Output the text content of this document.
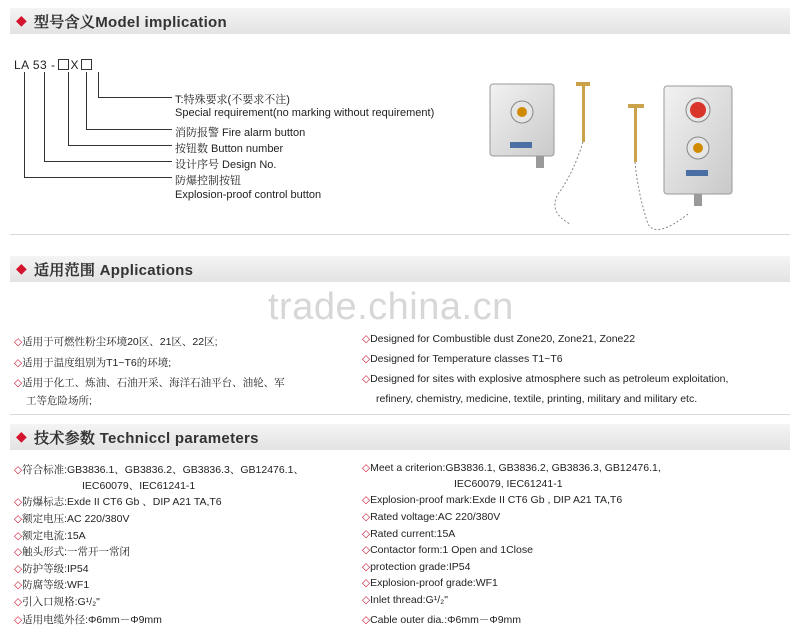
◆ 型号含义Model implication
LA 53 - X
T:特殊要求(不要求不注)
Special requirement(no marking without requirement)
消防报警 Fire alarm button
按钮数 Button number
设计序号 Design No.
防爆控制按钮
Explosion-proof control button
◆ 适用范围 Applications
trade.china.cn
◇适用于可燃性粉尘环境20区、21区、22区;
◇适用于温度组别为T1~T6的环境;
◇适用于化工、炼油、石油开采、海洋石油平台、油轮、军
工等危险场所;
◇Designed for Combustible dust Zone20, Zone21, Zone22
◇Designed for Temperature classes T1~T6
◇Designed for sites with explosive atmosphere such as petroleum exploitation,
refinery, chemistry, medicine, textile, printing, military and military etc.
◆ 技术参数 Techniccl parameters
◇符合标准:GB3836.1、GB3836.2、GB3836.3、GB12476.1、
IEC60079、IEC61241-1
◇防爆标志:Exde II CT6 Gb 、DIP A21 TA,T6
◇额定电压:AC 220/380V
◇额定电流:15A
◇触头形式:一常开一常闭
◇防护等级:IP54
◇防腐等级:WF1
◇引入口规格:G¹/₂"
◇适用电缆外径:Φ6mm－Φ9mm
◇Meet a criterion:GB3836.1, GB3836.2, GB3836.3, GB12476.1,
IEC60079, IEC61241-1
◇Explosion-proof mark:Exde II CT6 Gb , DIP A21 TA,T6
◇Rated voltage:AC 220/380V
◇Rated current:15A
◇Contactor form:1 Open and 1Close
◇protection grade:IP54
◇Explosion-proof grade:WF1
◇Inlet thread:G¹/₂"
◇Cable outer dia.:Φ6mm－Φ9mm
